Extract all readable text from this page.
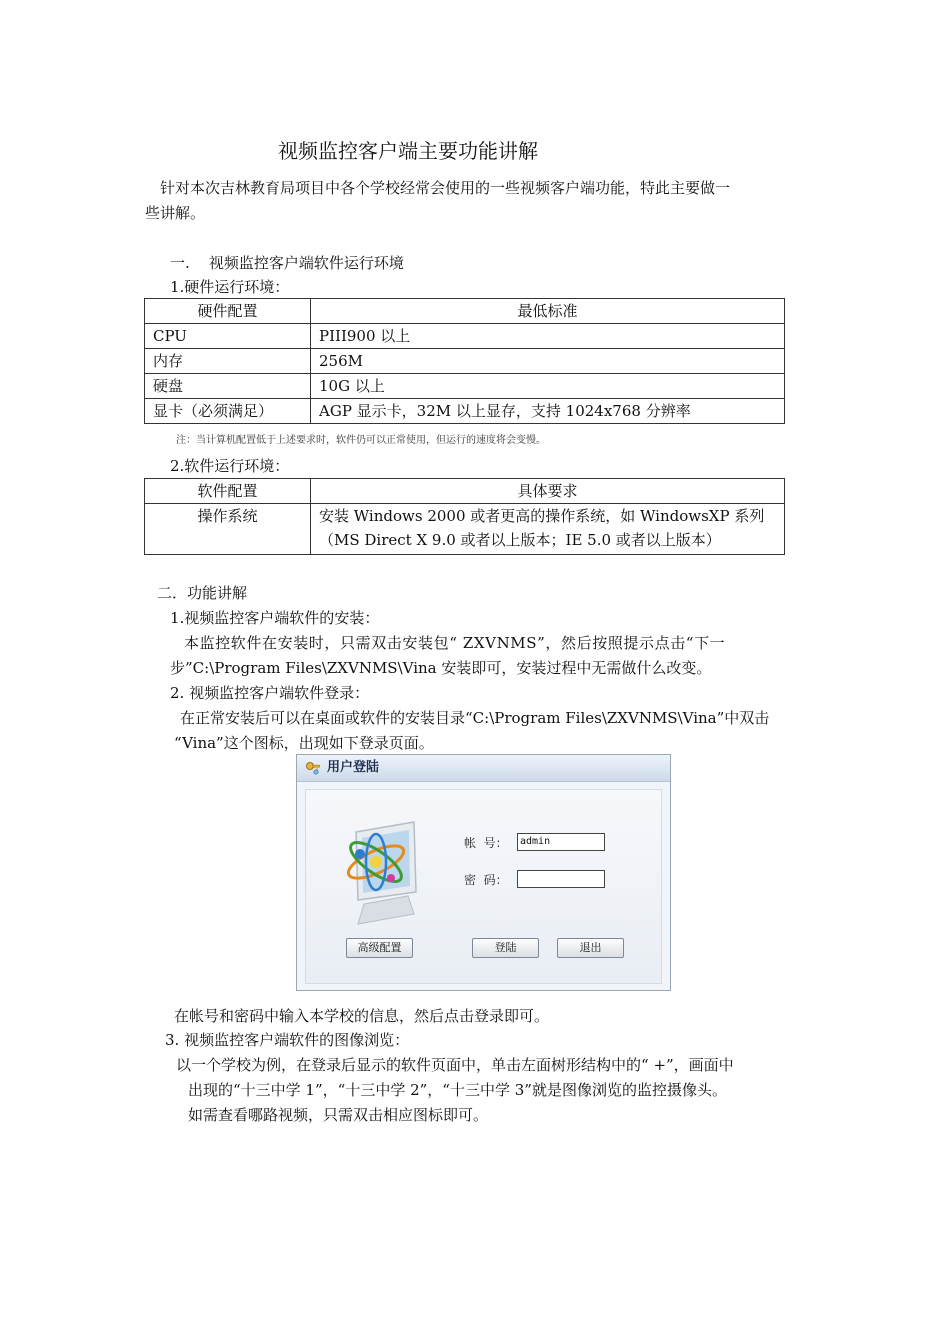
视频监控客户端主要功能讲解
针对本次吉林教育局项目中各个学校经常会使用的一些视频客户端功能，特此主要做一
些讲解。
一.    视频监控客户端软件运行环境
1.硬件运行环境：
硬件配置	最低标准
CPU	PIII900 以上
内存	256M
硬盘	10G 以上
显卡（必须满足）	AGP 显示卡，32M 以上显存，支持 1024x768 分辨率
注：当计算机配置低于上述要求时，软件仍可以正常使用，但运行的速度将会变慢。
2.软件运行环境：
软件配置	具体要求
操作系统	安装 Windows 2000 或者更高的操作系统，如 WindowsXP 系列
（MS Direct X 9.0 或者以上版本；IE 5.0 或者以上版本）
二．功能讲解
1.视频监控客户端软件的安装：
本监控软件在安装时，只需双击安装包“ ZXVNMS”，然后按照提示点击“下一
步”C:\Program Files\ZXVNMS\Vina 安装即可，安装过程中无需做什么改变。
2. 视频监控客户端软件登录：
在正常安装后可以在桌面或软件的安装目录“C:\Program Files\ZXVNMS\Vina”中双击
“Vina”这个图标，出现如下登录页面。
用户登陆
帐  号：	admin
密  码：
高级配置	登陆	退出
在帐号和密码中输入本学校的信息，然后点击登录即可。
3. 视频监控客户端软件的图像浏览：
以一个学校为例，在登录后显示的软件页面中，单击左面树形结构中的“ +”，画面中
出现的“十三中学 1”，“十三中学 2”，“十三中学 3”就是图像浏览的监控摄像头。
如需查看哪路视频，只需双击相应图标即可。
